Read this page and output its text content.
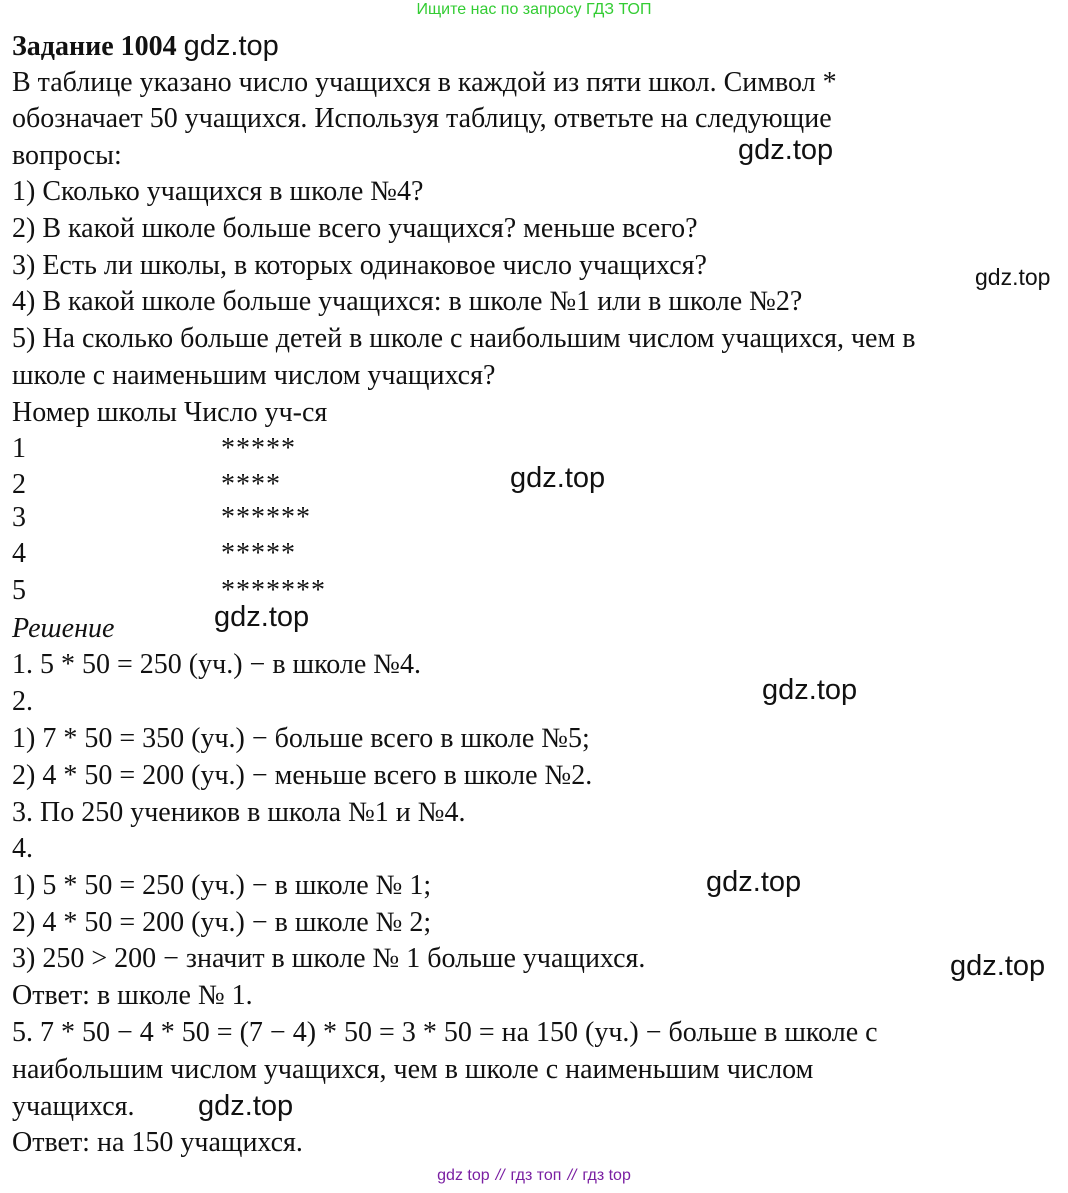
Ищите нас по запросу ГДЗ ТОП
Задание 1004 gdz.top
В таблице указано число учащихся в каждой из пяти школ. Символ *
обозначает 50 учащихся. Используя таблицу, ответьте на следующие
вопросы:
1) Сколько учащихся в школе №4?
2) В какой школе больше всего учащихся? меньше всего?
3) Есть ли школы, в которых одинаковое число учащихся?
4) В какой школе больше учащихся: в школе №1 или в школе №2?
5) На сколько больше детей в школе с наибольшим числом учащихся, чем в
школе с наименьшим числом учащихся?
Номер школы Число уч-ся
1	*****
2	****
3	******
4	*****
5	*******
Решение
1. 5 * 50 = 250 (уч.) − в школе №4.
2.
1) 7 * 50 = 350 (уч.) − больше всего в школе №5;
2) 4 * 50 = 200 (уч.) − меньше всего в школе №2.
3. По 250 учеников в школа №1 и №4.
4.
1) 5 * 50 = 250 (уч.) − в школе № 1;
2) 4 * 50 = 200 (уч.) − в школе № 2;
3) 250 > 200 − значит в школе № 1 больше учащихся.
Ответ: в школе № 1.
5. 7 * 50 − 4 * 50 = (7 − 4) * 50 = 3 * 50 = на 150 (уч.) − больше в школе с
наибольшим числом учащихся, чем в школе с наименьшим числом
учащихся.
Ответ: на 150 учащихся.
gdz.top
gdz.top
gdz.top
gdz.top
gdz.top
gdz.top
gdz.top
gdz.top
gdz top // гдз топ // гдз top
